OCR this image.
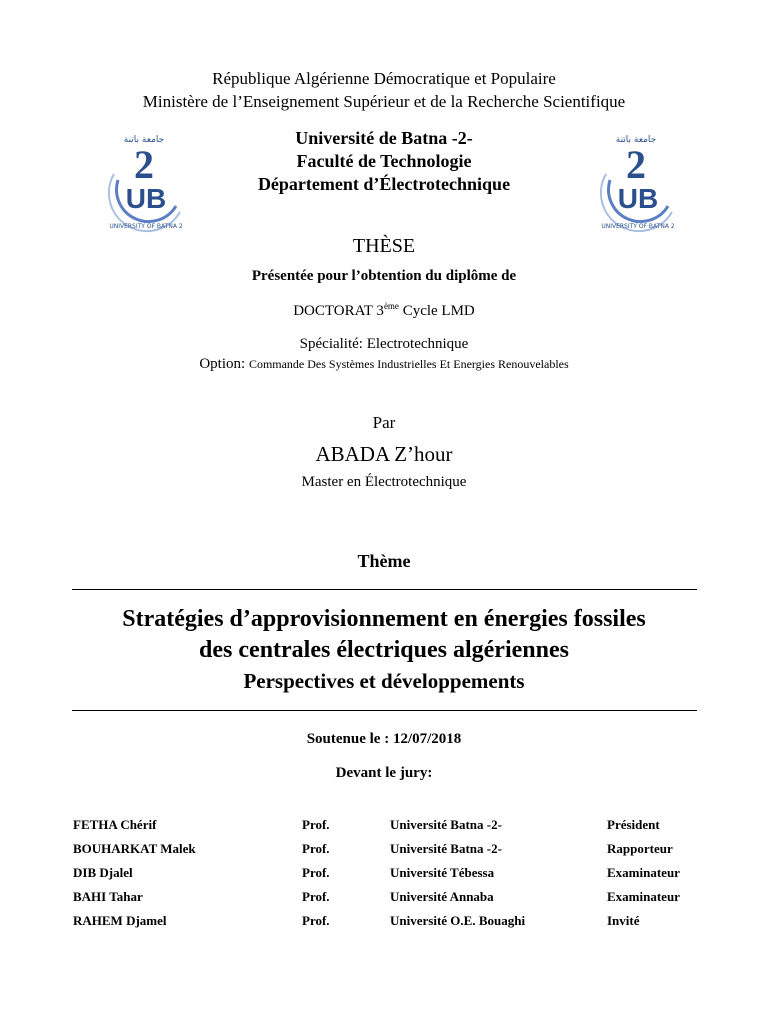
République Algérienne Démocratique et Populaire
Ministère de l’Enseignement Supérieur et de la Recherche Scientifique
جامعة باتنة
2
UB
UNIVERSITY OF BATNA 2
جامعة باتنة
2
UB
UNIVERSITY OF BATNA 2
Université de Batna -2-
Faculté de Technologie
Département d’Électrotechnique
THÈSE
Présentée pour l’obtention du diplôme de
DOCTORAT 3ème Cycle LMD
Spécialité: Electrotechnique
Option: Commande Des Systèmes Industrielles Et Energies Renouvelables
Par
ABADA Z’hour
Master en Électrotechnique
Thème
Stratégies d’approvisionnement en énergies fossiles
des centrales électriques algériennes
Perspectives et développements
Soutenue le : 12/07/2018
Devant le jury:
FETHA Chérif	Prof.	Université Batna -2-	Président
BOUHARKAT Malek	Prof.	Université Batna -2-	Rapporteur
DIB Djalel	Prof.	Université Tébessa	Examinateur
BAHI Tahar	Prof.	Université Annaba	Examinateur
RAHEM Djamel	Prof.	Université O.E. Bouaghi	Invité
